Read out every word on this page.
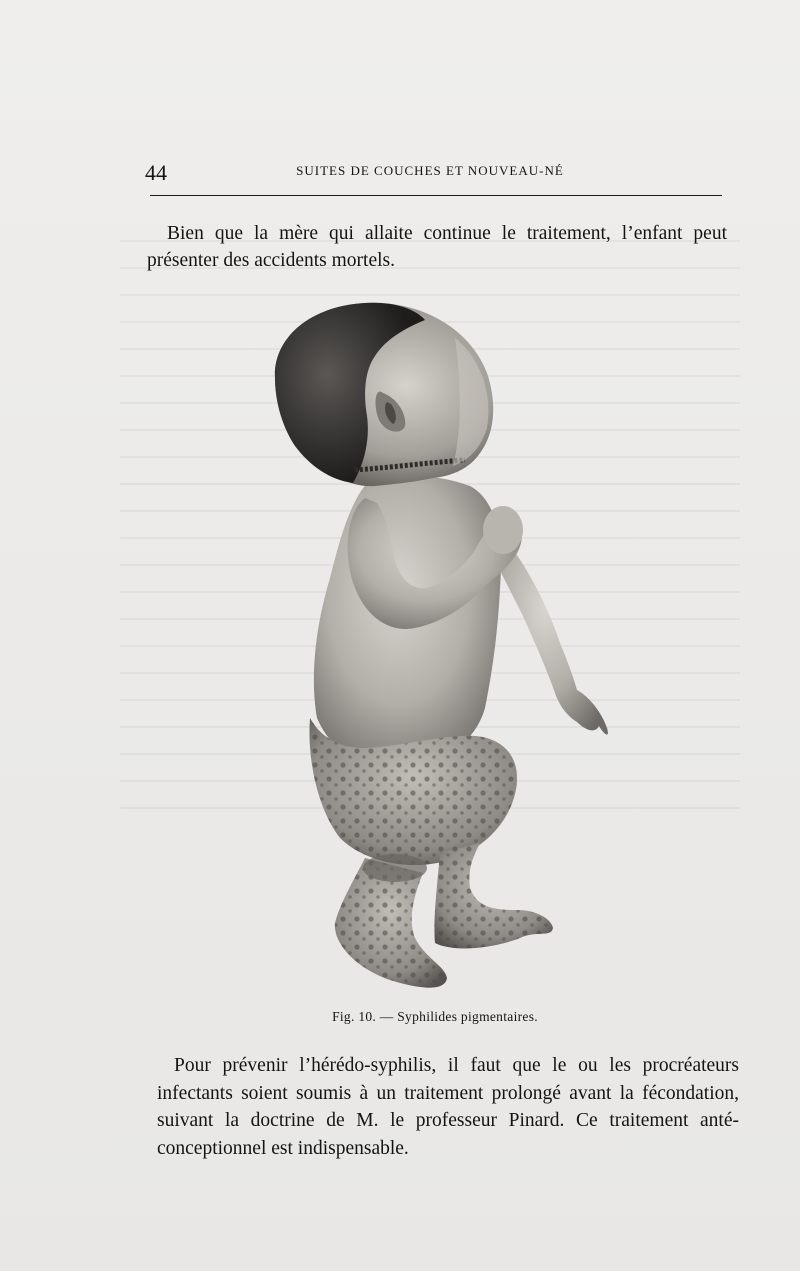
44	SUITES DE COUCHES ET NOUVEAU-NÉ

Bien que la mère qui allaite continue le traitement, l’enfant peut présenter des accidents mortels.

Fig. 10. — Syphilides pigmentaires.

Pour prévenir l’hérédo-syphilis, il faut que le ou les procréateurs infectants soient soumis à un traitement prolongé avant la fécondation, suivant la doctrine de M. le professeur Pinard. Ce traitement anté-conceptionnel est indispensable.
